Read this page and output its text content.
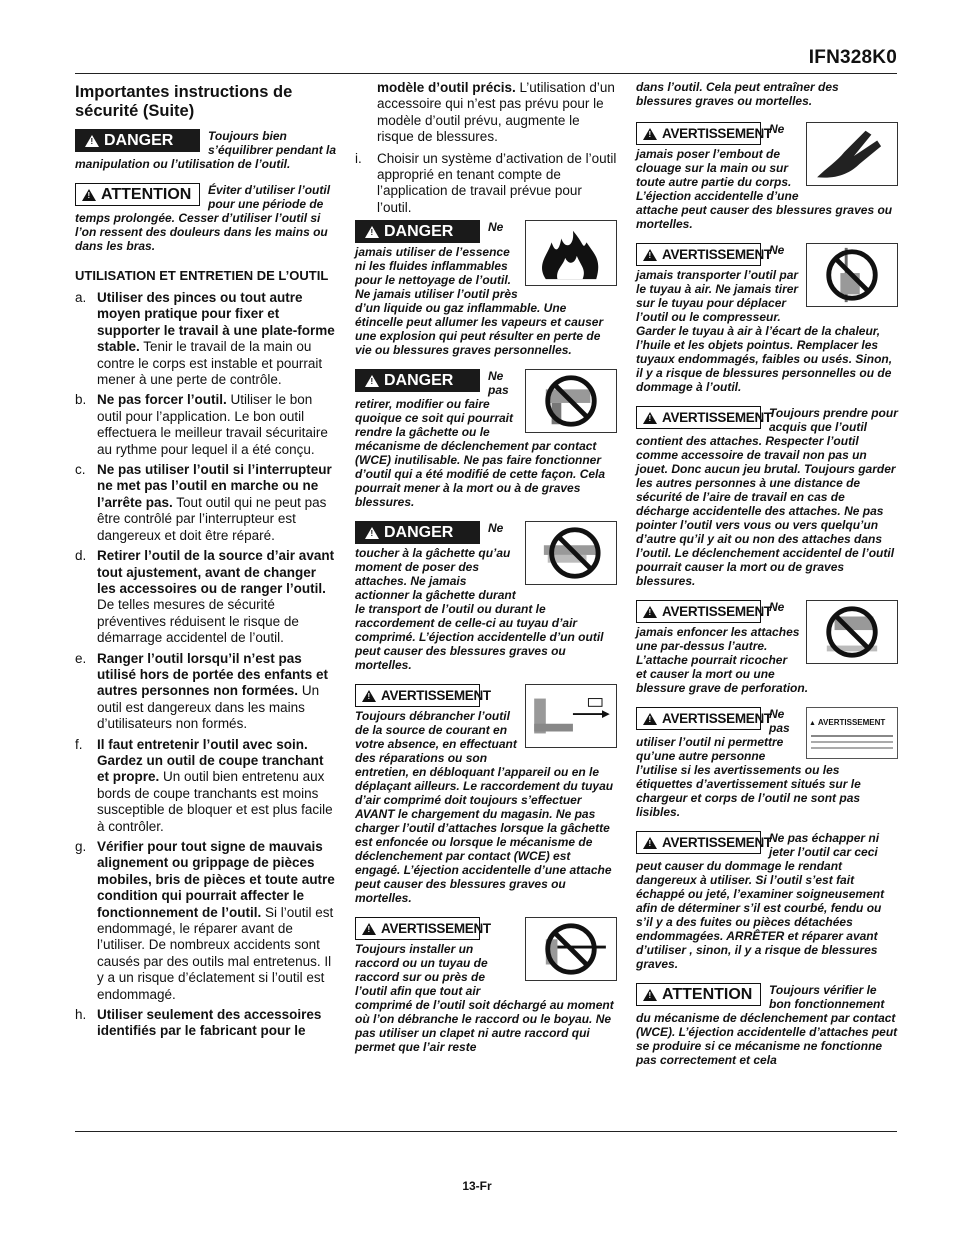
IFN328K0
Importantes instructions de sécurité (Suite)
! DANGER	Toujours bien s’équilibrer pendant la manipulation ou l’utilisation de l’outil.
! ATTENTION Éviter d’utiliser l’outil pour une période de temps prolongée. Cesser d’utiliser l’outil si l’on ressent des douleurs dans les mains ou dans les bras.
UTILISATION ET ENTRETIEN DE L’OUTIL
a. Utiliser des pinces ou tout autre moyen pratique pour fixer et supporter le travail à une plate-forme stable. Tenir le travail de la main ou contre le corps est instable et pourrait mener à une perte de contrôle.
b. Ne pas forcer l’outil. Utiliser le bon outil pour l’application. Le bon outil effectuera le meilleur travail sécuritaire au rythme pour lequel il a été conçu.
c. Ne pas utiliser l’outil si l’interrupteur ne met pas l’outil en marche ou ne l’arrête pas. Tout outil qui ne peut pas être contrôlé par l’interrupteur est dangereux et doit être réparé.
d. Retirer l’outil de la source d’air avant tout ajustement, avant de changer les accessoires ou de ranger l’outil. De telles mesures de sécurité préventives réduisent le risque de démarrage accidentel de l’outil.
e. Ranger l’outil lorsqu’il n’est pas utilisé hors de portée des enfants et autres personnes non formées. Un outil est dangereux dans les mains d’utilisateurs non formés.
f. Il faut entretenir l’outil avec soin. Gardez un outil de coupe tranchant et propre. Un outil bien entretenu aux bords de coupe tranchants est moins susceptible de bloquer et est plus facile à contrôler.
g. Vérifier pour tout signe de mauvais alignement ou grippage de pièces mobiles, bris de pièces et toute autre condition qui pourrait affecter le fonctionnement de l’outil. Si l’outil est endommagé, le réparer avant de l’utiliser. De nombreux accidents sont causés par des outils mal entretenus. Il y a un risque d’éclatement si l’outil est endommagé.
h. Utiliser seulement des accessoires identifiés par le fabricant pour le

modèle d’outil précis. L’utilisation d’un accessoire qui n’est pas prévu pour le modèle d’outil prévu, augmente le risque de blessures.

i. Choisir un système d’activation de l’outil approprié en tenant compte de l’application de travail prévue pour l’outil.
! DANGER	Ne jamais utiliser de l’essence ni les fluides inflammables pour le nettoyage de l’outil. Ne jamais utiliser l’outil près d’un liquide ou gaz inflammable. Une étincelle peut allumer les vapeurs et causer une explosion qui peut résulter en perte de vie ou blessures graves personnelles.
! DANGER	Ne pas retirer, modifier ou faire quoique ce soit qui pourrait rendre la gâchette ou le mécanisme de déclenchement par contact (WCE) inutilisable. Ne pas faire fonctionner d’outil qui a été modifié de cette façon. Cela pourrait mener à la mort ou à de graves blessures.
! DANGER	Ne toucher à la gâchette qu’au moment de poser des attaches. Ne jamais actionner la gâchette durant le transport de l’outil ou durant le raccordement de celle-ci au tuyau d’air comprimé. L’éjection accidentelle d’un outil peut causer des blessures graves ou mortelles.
! AVERTISSEMENT
Toujours débrancher l’outil de la source de courant en votre absence, en effectuant des réparations ou son entretien, en débloquant l’appareil ou en le déplaçant ailleurs. Le raccordement du tuyau d’air comprimé doit toujours s’effectuer AVANT le chargement du magasin. Ne pas charger l’outil d’attaches lorsque la gâchette est enfoncée ou lorsque le mécanisme de déclenchement par contact (WCE) est engagé. L’éjection accidentelle d’une attache peut causer des blessures graves ou mortelles.
! AVERTISSEMENT
Toujours installer un raccord ou un tuyau de raccord sur ou près de l’outil afin que tout air comprimé de l’outil soit déchargé au moment où l’on débranche le raccord ou le boyau. Ne pas utiliser un clapet ni autre raccord qui permet que l’air reste

dans l’outil. Cela peut entraîner des blessures graves ou mortelles.

! AVERTISSEMENT
Ne jamais poser l’embout de clouage sur la main ou sur toute autre partie du corps. L’éjection accidentelle d’une attache peut causer des blessures graves ou mortelles.
! AVERTISSEMENT
Ne jamais transporter l’outil par le tuyau à air. Ne jamais tirer sur le tuyau pour déplacer l’outil ou le compresseur. Garder le tuyau à air à l’écart de la chaleur, l’huile et les objets pointus. Remplacer les tuyaux endommagés, faibles ou usés. Sinon, il y a risque de blessures personnelles ou de dommage à l’outil.
! AVERTISSEMENT
Toujours prendre pour acquis que l’outil contient des attaches. Respecter l’outil comme accessoire de travail non pas un jouet. Donc aucun jeu brutal. Toujours garder les autres personnes à une distance de sécurité de l’aire de travail en cas de décharge accidentelle des attaches. Ne pas pointer l’outil vers vous ou vers quelqu’un d’autre qu’il y ait ou non des attaches dans l’outil. Le déclenchement accidentel de l’outil pourrait causer la mort ou de graves blessures.
! AVERTISSEMENT
Ne jamais enfoncer les attaches une par-dessus l’autre. L’attache pourrait ricocher et causer la mort ou une blessure grave de perforation.
▲ AVERTISSEMENT
! AVERTISSEMENT
Ne pas utiliser l’outil ni permettre qu’une autre personne l’utilise si les avertissements ou les étiquettes d’avertissement situés sur le chargeur et corps de l’outil ne sont pas lisibles.
! AVERTISSEMENT
Ne pas échapper ni jeter l’outil car ceci peut causer du dommage le rendant dangereux à utiliser. Si l’outil s’est fait échappé ou jeté, l’examiner soigneusement afin de déterminer s’il est courbé, fendu ou s’il y a des fuites ou pièces détachées endommagées. ARRÊTER et réparer avant d’utiliser , sinon, il y a risque de blessures graves.
! ATTENTION Toujours vérifier le bon fonctionnement du mécanisme de déclenchement par contact (WCE). L’éjection accidentelle d’attaches peut se produire si ce mécanisme ne fonctionne pas correctement et cela
13-Fr
